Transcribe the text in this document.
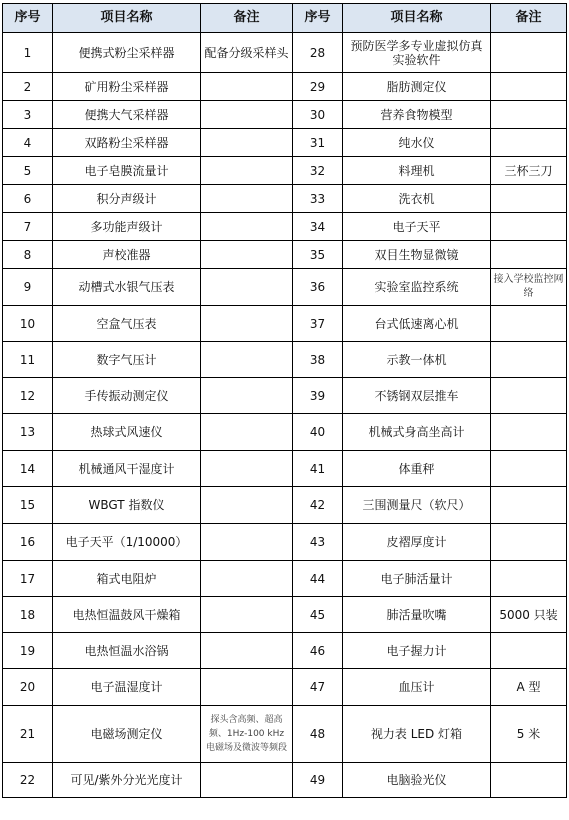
序号	项目名称	备注	序号	项目名称	备注
1	便携式粉尘采样器	配备分级采样头	28	预防医学多专业虚拟仿真实验软件	
2	矿用粉尘采样器		29	脂肪测定仪	
3	便携大气采样器		30	营养食物模型	
4	双路粉尘采样器		31	纯水仪	
5	电子皂膜流量计		32	料理机	三杯三刀
6	积分声级计		33	洗衣机	
7	多功能声级计		34	电子天平	
8	声校准器		35	双目生物显微镜	
9	动槽式水银气压表		36	实验室监控系统	接入学校监控网络
10	空盒气压表		37	台式低速离心机	
11	数字气压计		38	示教一体机	
12	手传振动测定仪		39	不锈钢双层推车	
13	热球式风速仪		40	机械式身高坐高计	
14	机械通风干湿度计		41	体重秤	
15	WBGT 指数仪		42	三围测量尺（软尺）	
16	电子天平（1/10000）		43	皮褶厚度计	
17	箱式电阻炉		44	电子肺活量计	
18	电热恒温鼓风干燥箱		45	肺活量吹嘴	5000 只装
19	电热恒温水浴锅		46	电子握力计	
20	电子温湿度计		47	血压计	A 型
21	电磁场测定仪	探头含高频、超高频、1Hz-100 kHz 电磁场及微波等频段	48	视力表 LED 灯箱	5 米
22	可见/紫外分光光度计		49	电脑验光仪	
